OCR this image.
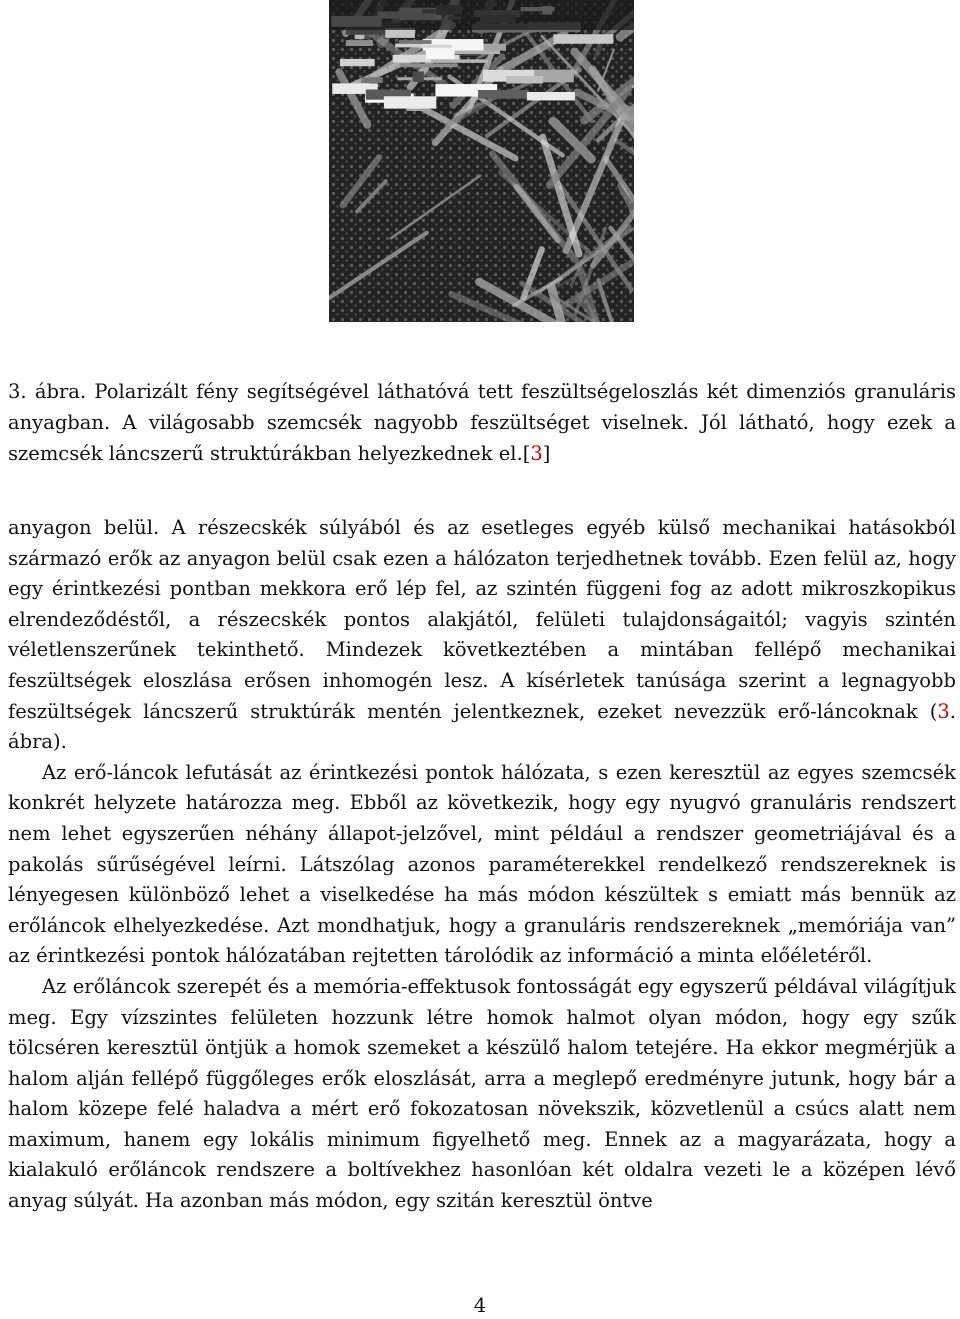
3. ábra. Polarizált fény segítségével láthatóvá tett feszültségeloszlás két dimenziós granuláris anyagban. A világosabb szemcsék nagyobb feszültséget viselnek. Jól látható, hogy ezek a szemcsék láncszerű struktúrákban helyezkednek el.[3]

anyagon belül. A részecskék súlyából és az esetleges egyéb külső mechanikai hatásokból származó erők az anyagon belül csak ezen a hálózaton terjedhetnek tovább. Ezen felül az, hogy egy érintkezési pontban mekkora erő lép fel, az szintén függeni fog az adott mikroszkopikus elrendeződéstől, a részecskék pontos alakjától, felületi tulajdonságaitól; vagyis szintén véletlenszerűnek tekinthető. Mindezek következtében a mintában fellépő mechanikai feszültségek eloszlása erősen inhomogén lesz. A kísérletek tanúsága szerint a legnagyobb feszültségek láncszerű struktúrák mentén jelentkeznek, ezeket nevezzük erő-láncoknak (3. ábra).

Az erő-láncok lefutását az érintkezési pontok hálózata, s ezen keresztül az egyes szemcsék konkrét helyzete határozza meg. Ebből az következik, hogy egy nyugvó granuláris rendszert nem lehet egyszerűen néhány állapot-jelzővel, mint például a rendszer geometriájával és a pakolás sűrűségével leírni. Látszólag azonos paraméterekkel rendelkező rendszereknek is lényegesen különböző lehet a viselkedése ha más módon készültek s emiatt más bennük az erőláncok elhelyezkedése. Azt mondhatjuk, hogy a granuláris rendszereknek „memóriája van” az érintkezési pontok hálózatában rejtetten tárolódik az információ a minta előéletéről.

Az erőláncok szerepét és a memória-effektusok fontosságát egy egyszerű példával világítjuk meg. Egy vízszintes felületen hozzunk létre homok halmot olyan módon, hogy egy szűk tölcséren keresztül öntjük a homok szemeket a készülő halom tetejére. Ha ekkor megmérjük a halom alján fellépő függőleges erők eloszlását, arra a meglepő eredményre jutunk, hogy bár a halom közepe felé haladva a mért erő fokozatosan növekszik, közvetlenül a csúcs alatt nem maximum, hanem egy lokális minimum figyelhető meg. Ennek az a magyarázata, hogy a kialakuló erőláncok rendszere a boltívekhez hasonlóan két oldalra vezeti le a középen lévő anyag súlyát. Ha azonban más módon, egy szitán keresztül öntve

4
